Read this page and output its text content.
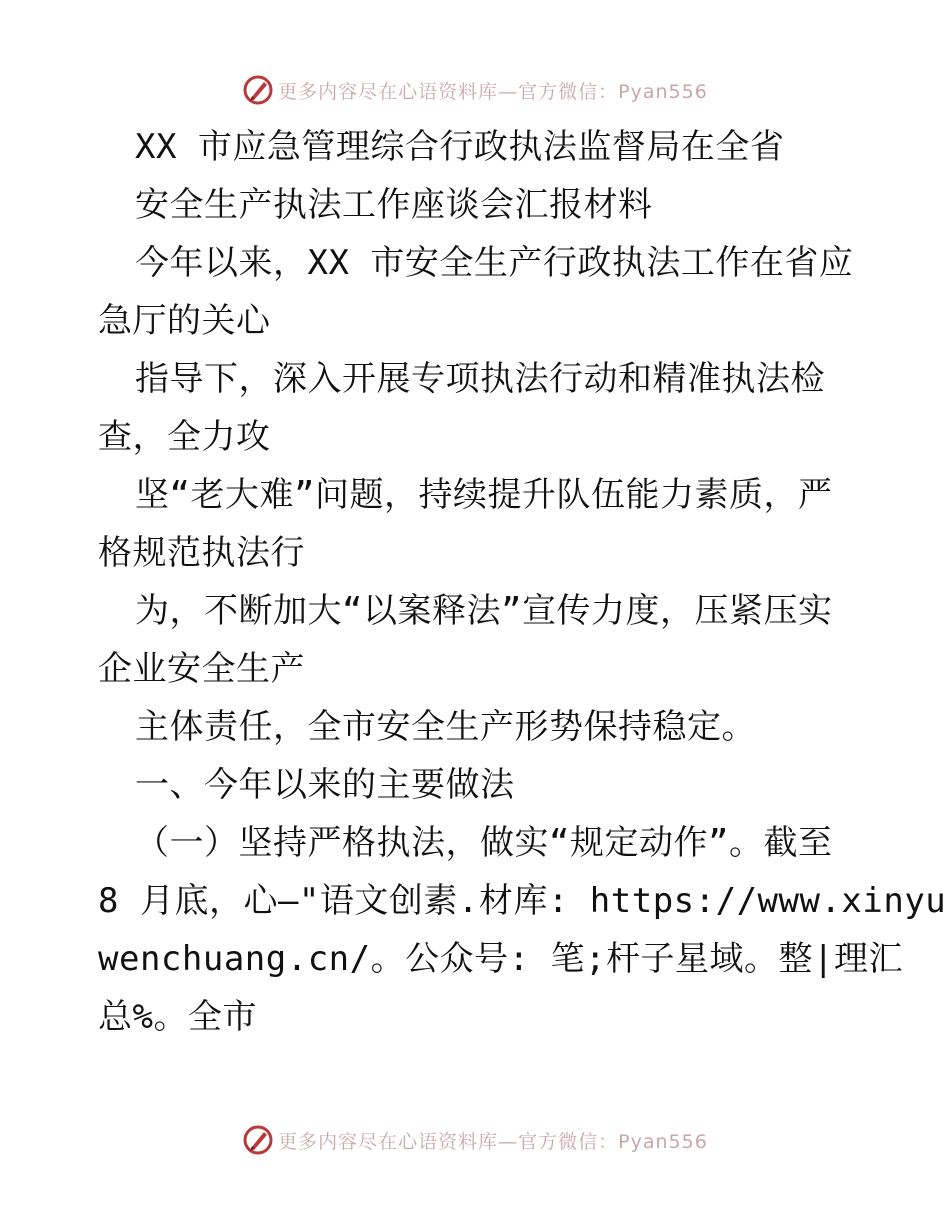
更多内容尽在心语资料库—官方微信：Pyan556
XX 市应急管理综合行政执法监督局在全省
安全生产执法工作座谈会汇报材料
今年以来，XX 市安全生产行政执法工作在省应
急厅的关心
指导下，深入开展专项执法行动和精准执法检
查，全力攻
坚“老大难”问题，持续提升队伍能力素质，严
格规范执法行
为，不断加大“以案释法”宣传力度，压紧压实
企业安全生产
主体责任，全市安全生产形势保持稳定。
一、今年以来的主要做法
（一）坚持严格执法，做实“规定动作”。截至
8 月底，心—"语文创素.材库: https://www.xinyu
wenchuang.cn/。公众号: 笔;杆子星域。整|理汇
总%。全市
更多内容尽在心语资料库—官方微信：Pyan556
